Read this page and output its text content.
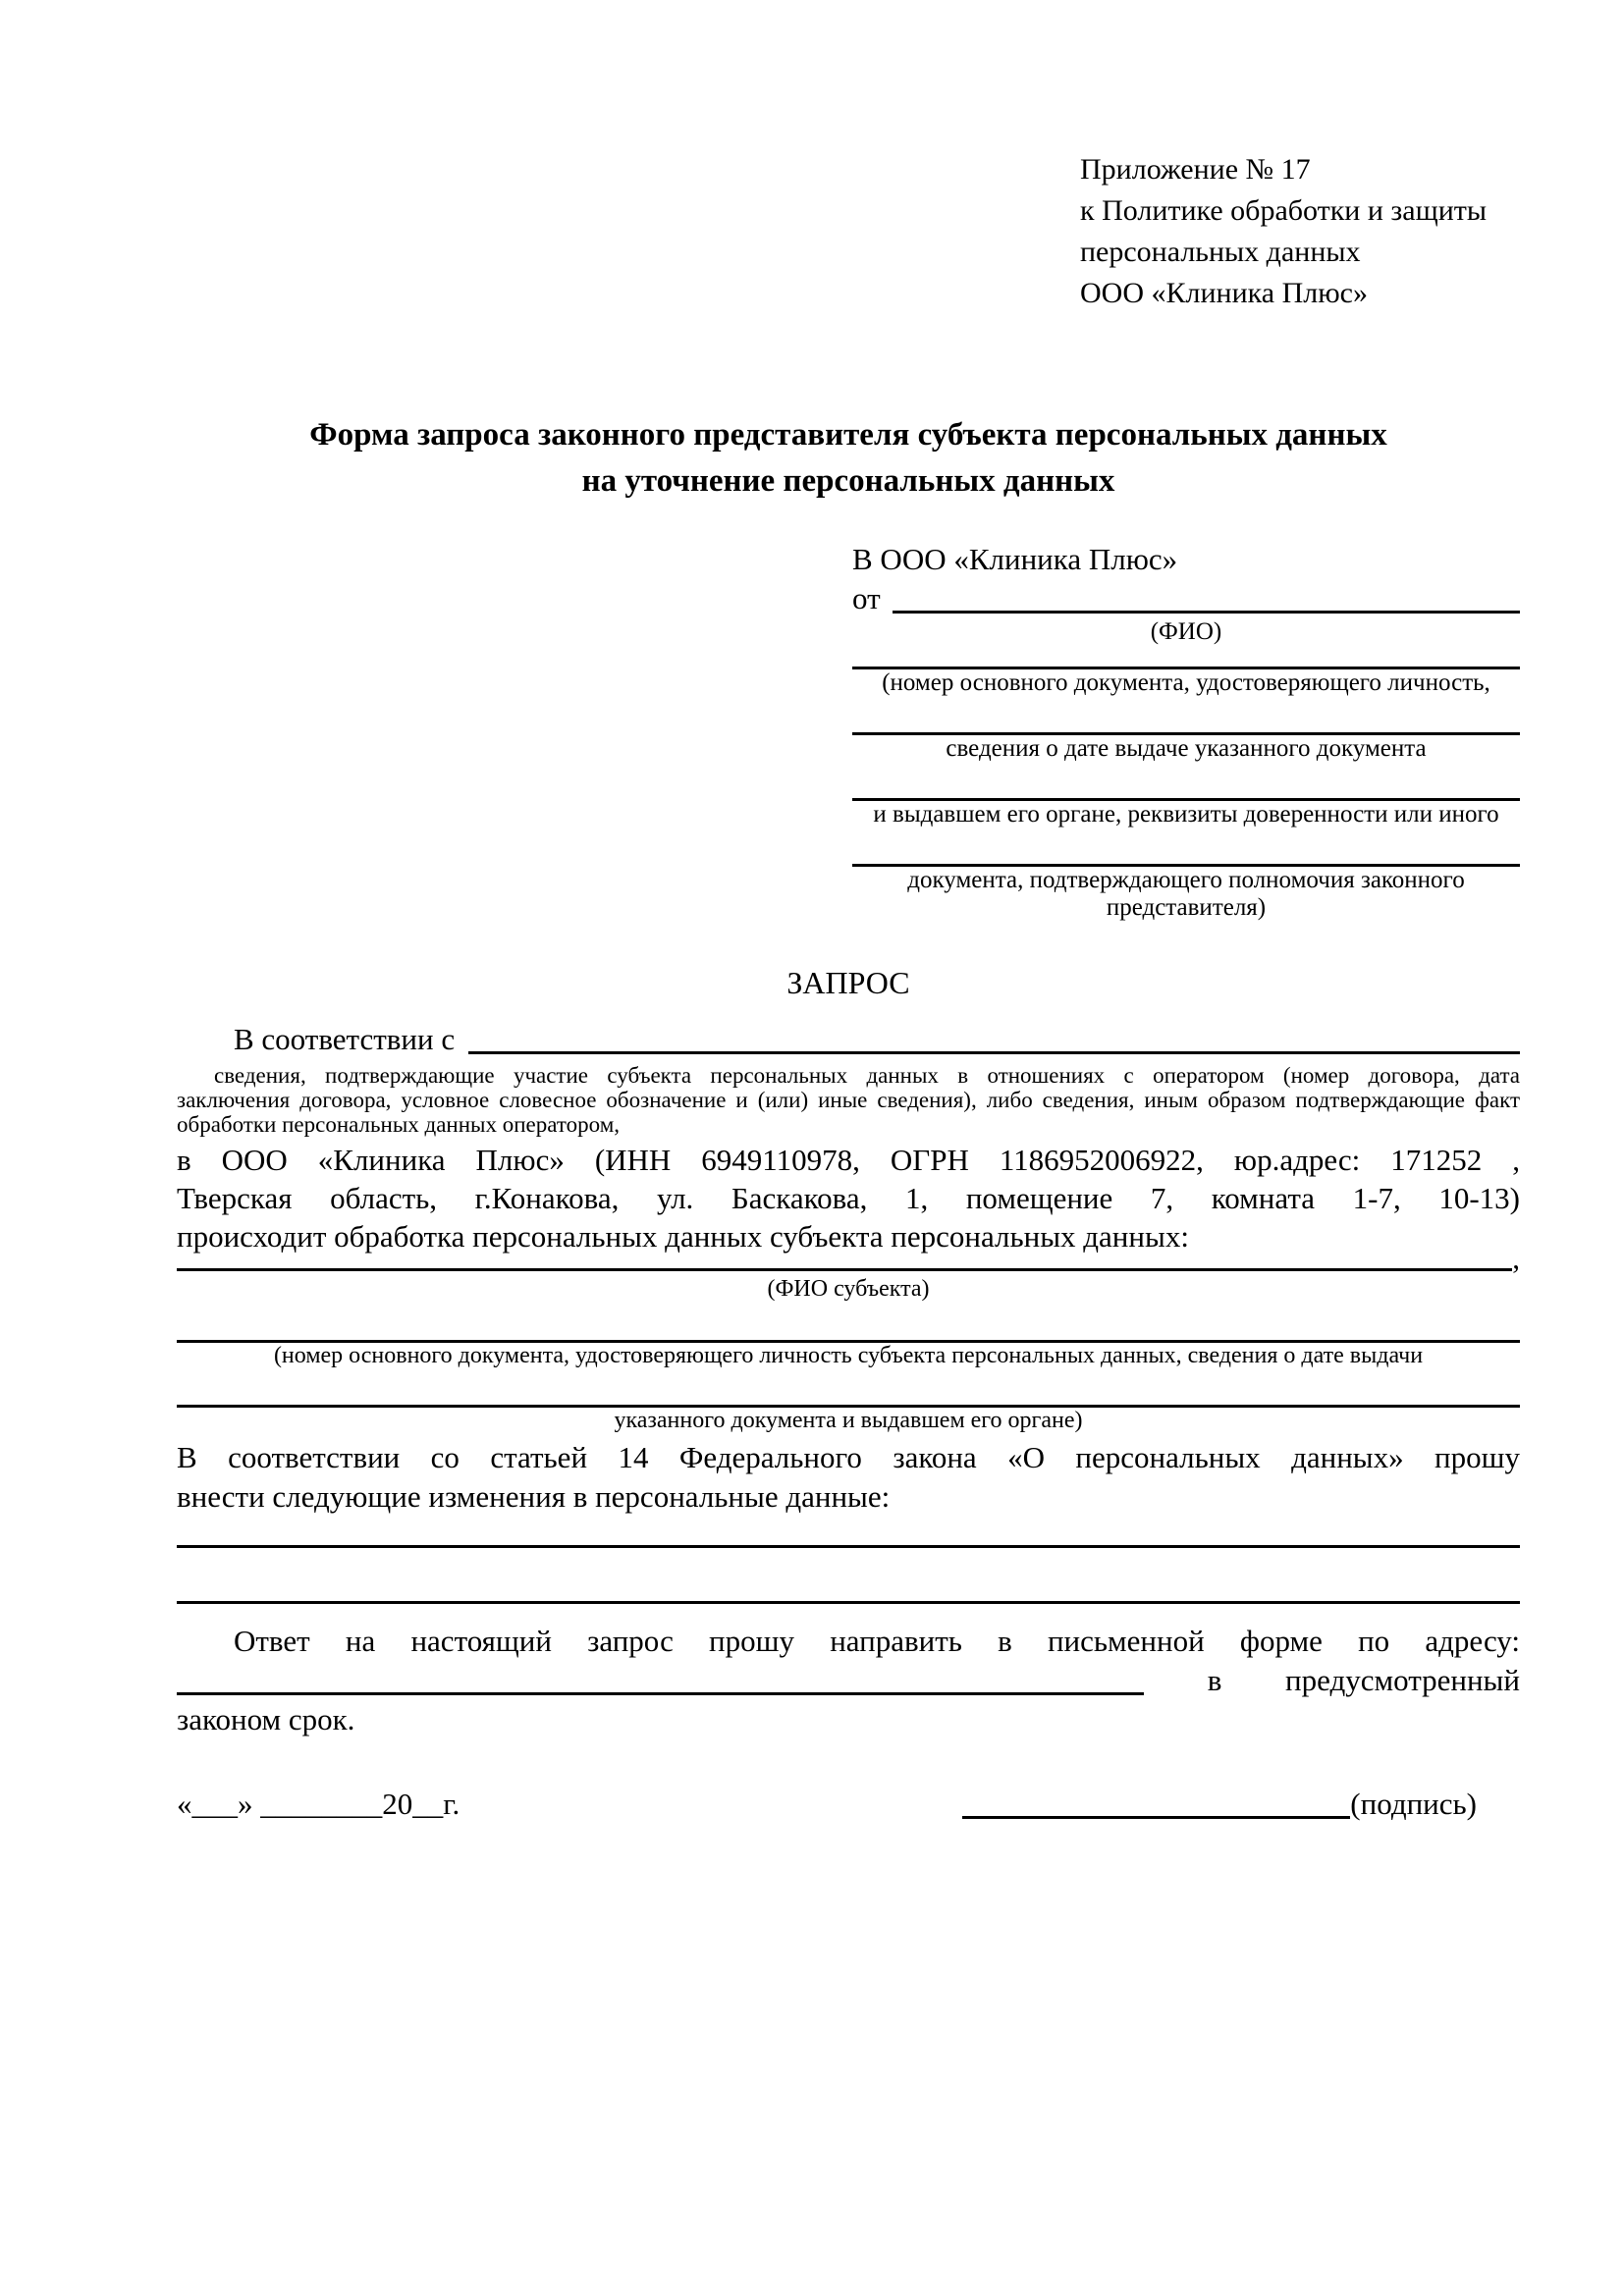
Приложение № 17
к Политике обработки и защиты
персональных данных
ООО «Клиника Плюс»
Форма запроса законного представителя субъекта персональных данных
на уточнение персональных данных
В ООО «Клиника Плюс»
от
(ФИО)
(номер основного документа, удостоверяющего личность,
сведения о дате выдаче указанного документа
и выдавшем его органе, реквизиты доверенности или иного
документа, подтверждающего полномочия законного представителя)
ЗАПРОС
В соответствии с
сведения, подтверждающие участие субъекта персональных данных в отношениях с оператором (номер договора, дата
заключения договора, условное словесное обозначение и (или) иные сведения), либо сведения, иным образом подтверждающие факт
обработки персональных данных оператором,
в ООО «Клиника Плюс» (ИНН 6949110978, ОГРН 1186952006922, юр.адрес: 171252 ,
Тверская область, г.Конакова, ул. Баскакова, 1, помещение 7, комната 1-7, 10-13)
происходит обработка персональных данных субъекта персональных данных:
,
(ФИО субъекта)
(номер основного документа, удостоверяющего личность субъекта персональных данных, сведения о дате выдачи
указанного документа и выдавшем его органе)
В соответствии со статьей 14 Федерального закона «О персональных данных» прошу
внести следующие изменения в персональные данные:
Ответ на настоящий запрос прошу направить в письменной форме по адресу:
в предусмотренный
законом срок.
«___» ________20__г.	(подпись)
